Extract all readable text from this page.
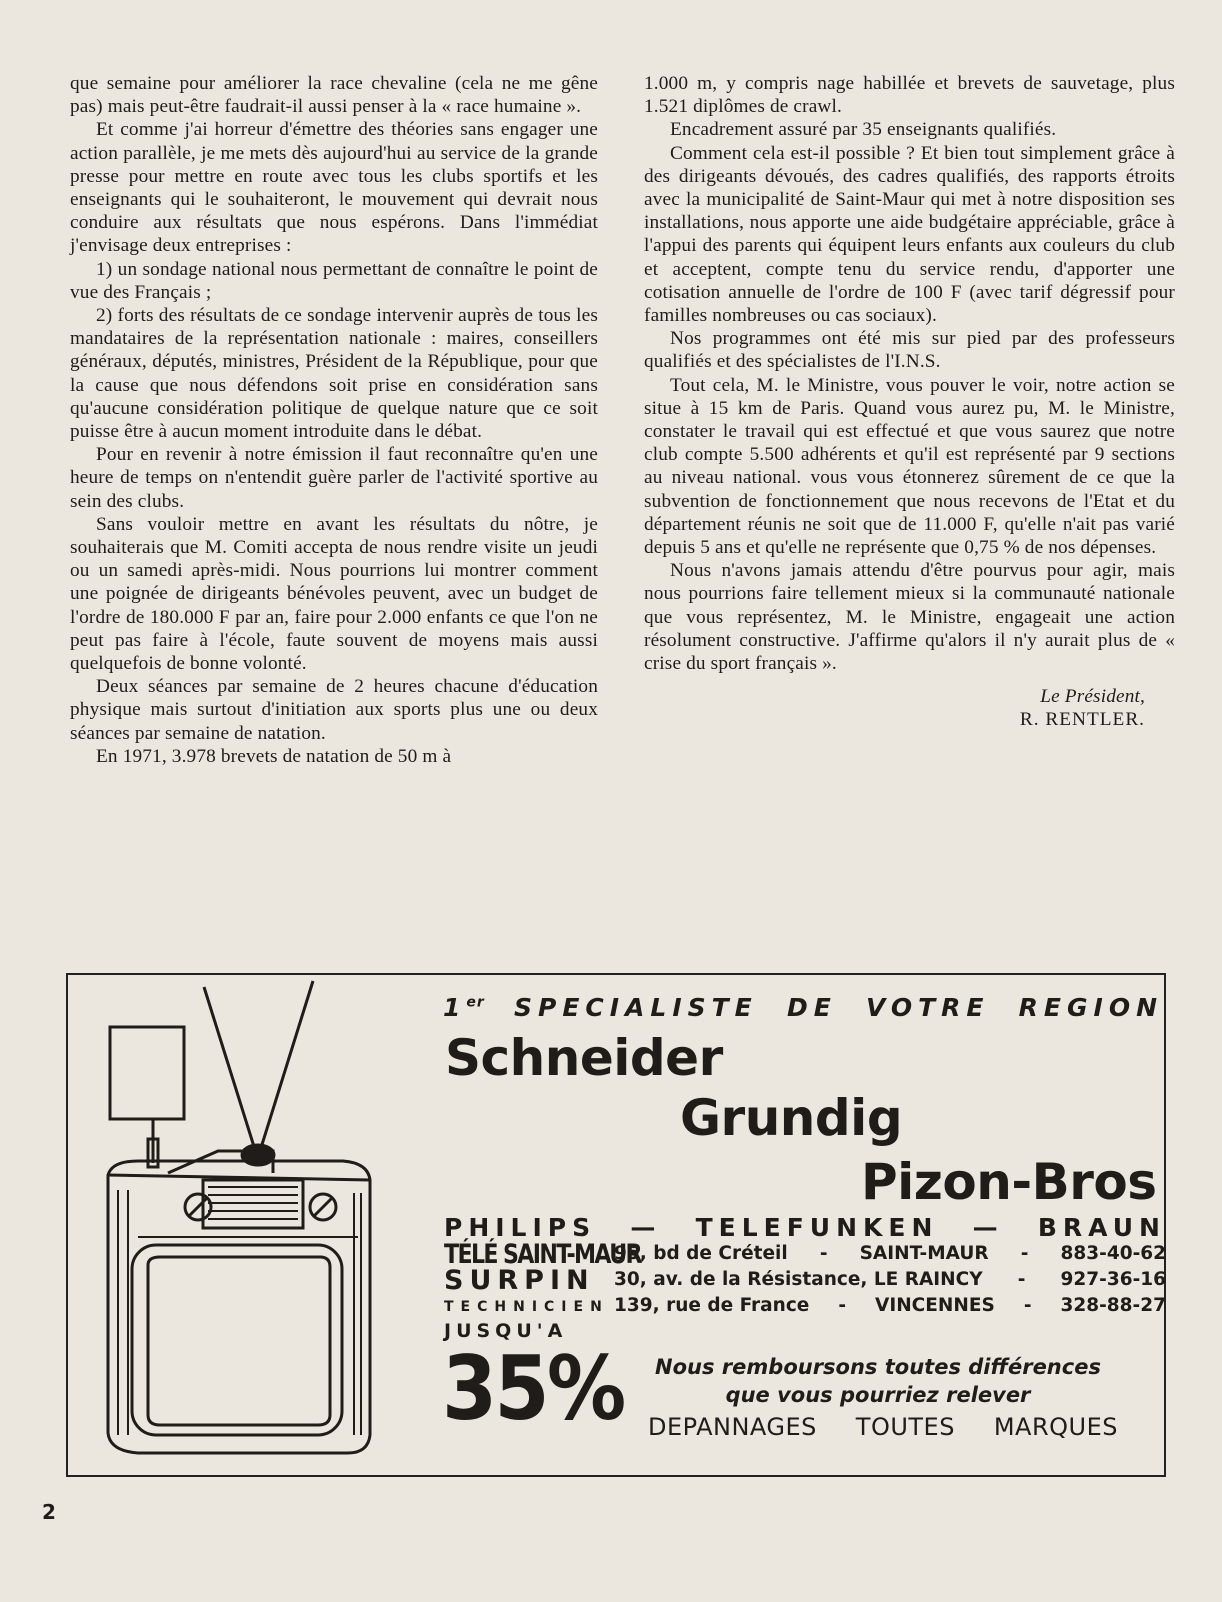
que semaine pour améliorer la race chevaline (cela ne me gêne pas) mais peut-être faudrait-il aussi penser à la « race humaine ».

Et comme j'ai horreur d'émettre des théories sans engager une action parallèle, je me mets dès aujourd'hui au service de la grande presse pour mettre en route avec tous les clubs sportifs et les enseignants qui le souhaiteront, le mouvement qui devrait nous conduire aux résultats que nous espérons. Dans l'immédiat j'envisage deux entreprises :

1) un sondage national nous permettant de connaître le point de vue des Français ;

2) forts des résultats de ce sondage intervenir auprès de tous les mandataires de la représentation nationale : maires, conseillers généraux, députés, ministres, Président de la République, pour que la cause que nous défendons soit prise en considération sans qu'aucune considération politique de quelque nature que ce soit puisse être à aucun moment introduite dans le débat.

Pour en revenir à notre émission il faut reconnaître qu'en une heure de temps on n'entendit guère parler de l'activité sportive au sein des clubs.

Sans vouloir mettre en avant les résultats du nôtre, je souhaiterais que M. Comiti accepta de nous rendre visite un jeudi ou un samedi après-midi. Nous pourrions lui montrer comment une poignée de dirigeants bénévoles peuvent, avec un budget de l'ordre de 180.000 F par an, faire pour 2.000 enfants ce que l'on ne peut pas faire à l'école, faute souvent de moyens mais aussi quelquefois de bonne volonté.

Deux séances par semaine de 2 heures chacune d'éducation physique mais surtout d'initiation aux sports plus une ou deux séances par semaine de natation.

En 1971, 3.978 brevets de natation de 50 m à

1.000 m, y compris nage habillée et brevets de sauvetage, plus 1.521 diplômes de crawl.

Encadrement assuré par 35 enseignants qualifiés.

Comment cela est-il possible ? Et bien tout simplement grâce à des dirigeants dévoués, des cadres qualifiés, des rapports étroits avec la municipalité de Saint-Maur qui met à notre disposition ses installations, nous apporte une aide budgétaire appréciable, grâce à l'appui des parents qui équipent leurs enfants aux couleurs du club et acceptent, compte tenu du service rendu, d'apporter une cotisation annuelle de l'ordre de 100 F (avec tarif dégressif pour familles nombreuses ou cas sociaux).

Nos programmes ont été mis sur pied par des professeurs qualifiés et des spécialistes de l'I.N.S.

Tout cela, M. le Ministre, vous pouver le voir, notre action se situe à 15 km de Paris. Quand vous aurez pu, M. le Ministre, constater le travail qui est effectué et que vous saurez que notre club compte 5.500 adhérents et qu'il est représenté par 9 sections au niveau national. vous vous étonnerez sûrement de ce que la subvention de fonctionnement que nous recevons de l'Etat et du département réunis ne soit que de 11.000 F, qu'elle n'ait pas varié depuis 5 ans et qu'elle ne représente que 0,75 % de nos dépenses.

Nous n'avons jamais attendu d'être pourvus pour agir, mais nous pourrions faire tellement mieux si la communauté nationale que vous représentez, M. le Ministre, engageait une action résolument constructive. J'affirme qu'alors il n'y aurait plus de « crise du sport français ».

Le Président,
R. RENTLER.
1er SPECIALISTE DE VOTRE REGION
Schneider
Grundig
Pizon-Bros
PHILIPS — TELEFUNKEN — BRAUN
TÉLÉ SAINT-MAUR
SURPIN
TECHNICIEN
JUSQU'A
95, bd de Créteil - SAINT-MAUR - 883-40-62
30, av. de la Résistance, LE RAINCY - 927-36-16
139, rue de France - VINCENNES - 328-88-27
35%	Nous remboursons toutes différences
que vous pourriez relever
DEPANNAGES TOUTES MARQUES
2
